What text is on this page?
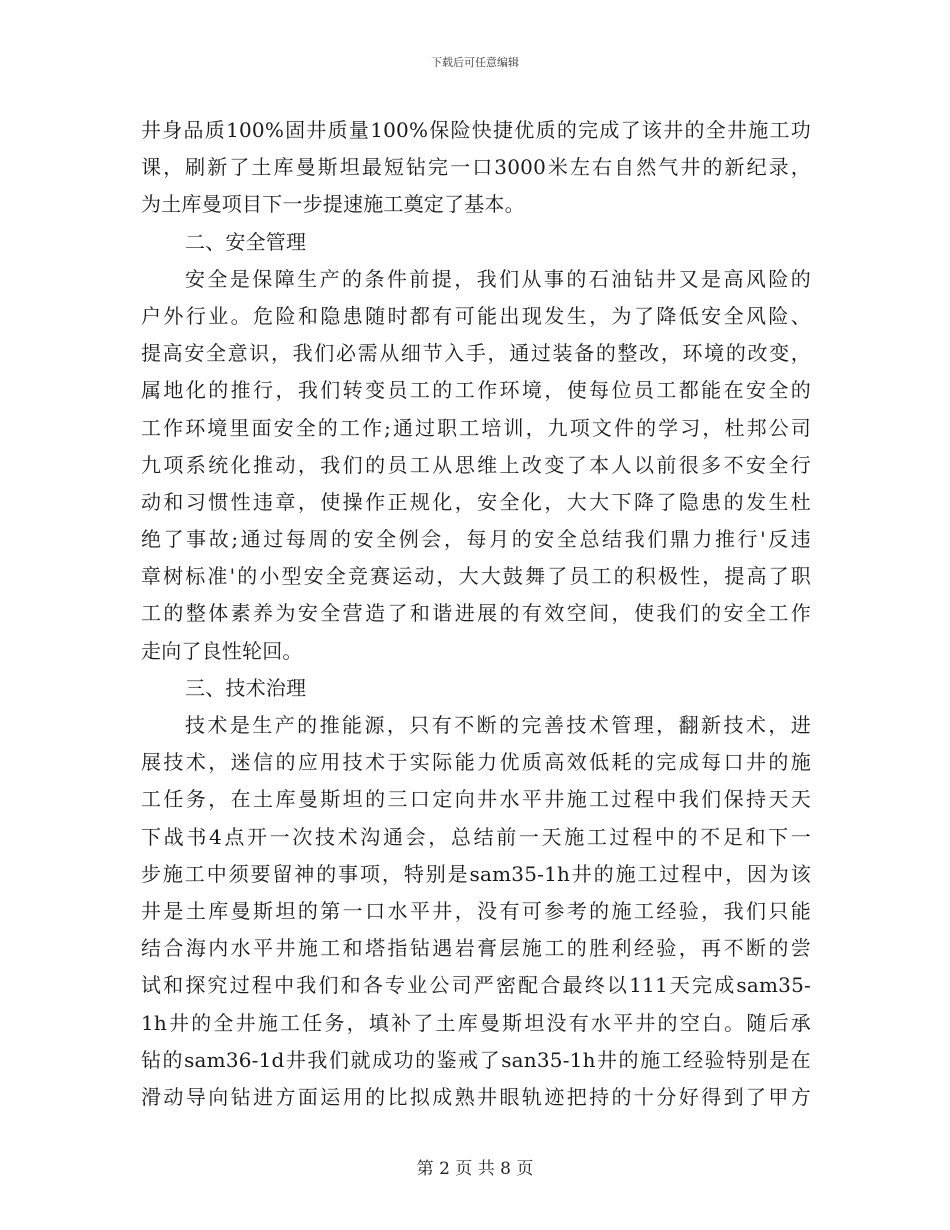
下载后可任意编辑
井身品质100%固井质量100%保险快捷优质的完成了该井的全井施工功
课，刷新了土库曼斯坦最短钻完一口3000米左右自然气井的新纪录，
为土库曼项目下一步提速施工奠定了基本。
二、安全管理
安全是保障生产的条件前提，我们从事的石油钻井又是高风险的
户外行业。危险和隐患随时都有可能出现发生，为了降低安全风险、
提高安全意识，我们必需从细节入手，通过装备的整改，环境的改变，
属地化的推行，我们转变员工的工作环境，使每位员工都能在安全的
工作环境里面安全的工作;通过职工培训，九项文件的学习，杜邦公司
九项系统化推动，我们的员工从思维上改变了本人以前很多不安全行
动和习惯性违章，使操作正规化，安全化，大大下降了隐患的发生杜
绝了事故;通过每周的安全例会，每月的安全总结我们鼎力推行'反违
章树标准'的小型安全竞赛运动，大大鼓舞了员工的积极性，提高了职
工的整体素养为安全营造了和谐进展的有效空间，使我们的安全工作
走向了良性轮回。
三、技术治理
技术是生产的推能源，只有不断的完善技术管理，翻新技术，进
展技术，迷信的应用技术于实际能力优质高效低耗的完成每口井的施
工任务，在土库曼斯坦的三口定向井水平井施工过程中我们保持天天
下战书4点开一次技术沟通会，总结前一天施工过程中的不足和下一
步施工中须要留神的事项，特别是sam35-1h井的施工过程中，因为该
井是土库曼斯坦的第一口水平井，没有可参考的施工经验，我们只能
结合海内水平井施工和塔指钻遇岩膏层施工的胜利经验，再不断的尝
试和探究过程中我们和各专业公司严密配合最终以111天完成sam35-
1h井的全井施工任务，填补了土库曼斯坦没有水平井的空白。随后承
钻的sam36-1d井我们就成功的鉴戒了san35-1h井的施工经验特别是在
滑动导向钻进方面运用的比拟成熟井眼轨迹把持的十分好得到了甲方
第 2 页 共 8 页
